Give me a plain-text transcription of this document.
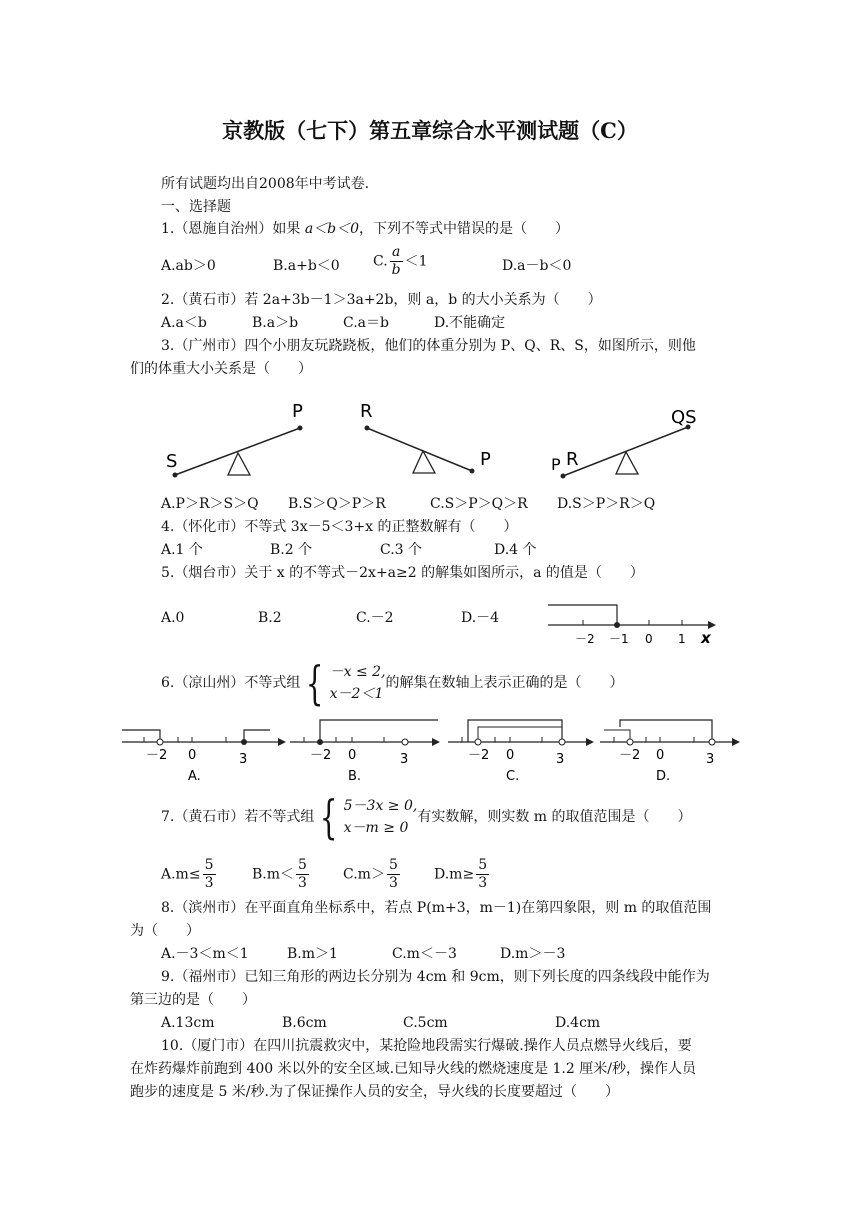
京教版（七下）第五章综合水平测试题（C）
所有试题均出自2008年中考试卷.
一、选择题
1.（恩施自治州）如果 a＜b＜0，下列不等式中错误的是（　　）
A.ab＞0	B.a+b＜0 C. $\frac{a}{b} <1$	D.a－b＜0
2.（黄石市）若 2a+3b－1＞3a+2b，则 a，b 的大小关系为（　　）
A.a＜b	B.a＞b	C.a＝b	D.不能确定
3.（广州市）四个小朋友玩跷跷板，他们的体重分别为 P、Q、R、S，如图所示，则他
们的体重大小关系是（　　）
S
P	R
P	P R
QS
A.P＞R＞S＞Q B.S＞Q＞P＞R	C.S＞P＞Q＞R D.S＞P＞R＞Q
4.（怀化市）不等式 3x－5＜3+x 的正整数解有（　　）
A.1 个	B.2 个	C.3 个	D.4 个
5.（烟台市）关于 x 的不等式－2x+a≥2 的解集如图所示，a 的值是（　　）
A.0	B.2	C.－2	D.－4
－2 －1 0 1 x
6.（凉山州）不等式组 { －x ≤ 2,
x－2＜1
的解集在数轴上表示正确的是（　　）
－2 0	3
A.
－2 0	3
B.
－2 0	3
C.
－2 0	3
D.
7.（黄石市）若不等式组 { 5－3x ≥ 0,
x－m ≥ 0
有实数解，则实数 m 的取值范围是（　　）
$A.m\le \frac{5}{3}$	$B.m< \frac{5}{3} C.m> \frac{5}{3} D.m\ge \frac{5}{3}$
8.（滨州市）在平面直角坐标系中，若点 P(m+3，m－1)在第四象限，则 m 的取值范围
为（　　）
A.－3＜m＜1	B.m＞1	C.m＜－3	D.m＞－3
9.（福州市）已知三角形的两边长分别为 4cm 和 9cm，则下列长度的四条线段中能作为
第三边的是（　　）
A.13cm	B.6cm	C.5cm	D.4cm
10.（厦门市）在四川抗震救灾中，某抢险地段需实行爆破.操作人员点燃导火线后，要
在炸药爆炸前跑到 400 米以外的安全区域.已知导火线的燃烧速度是 1.2 厘米/秒，操作人员
跑步的速度是 5 米/秒.为了保证操作人员的安全，导火线的长度要超过（　　）
